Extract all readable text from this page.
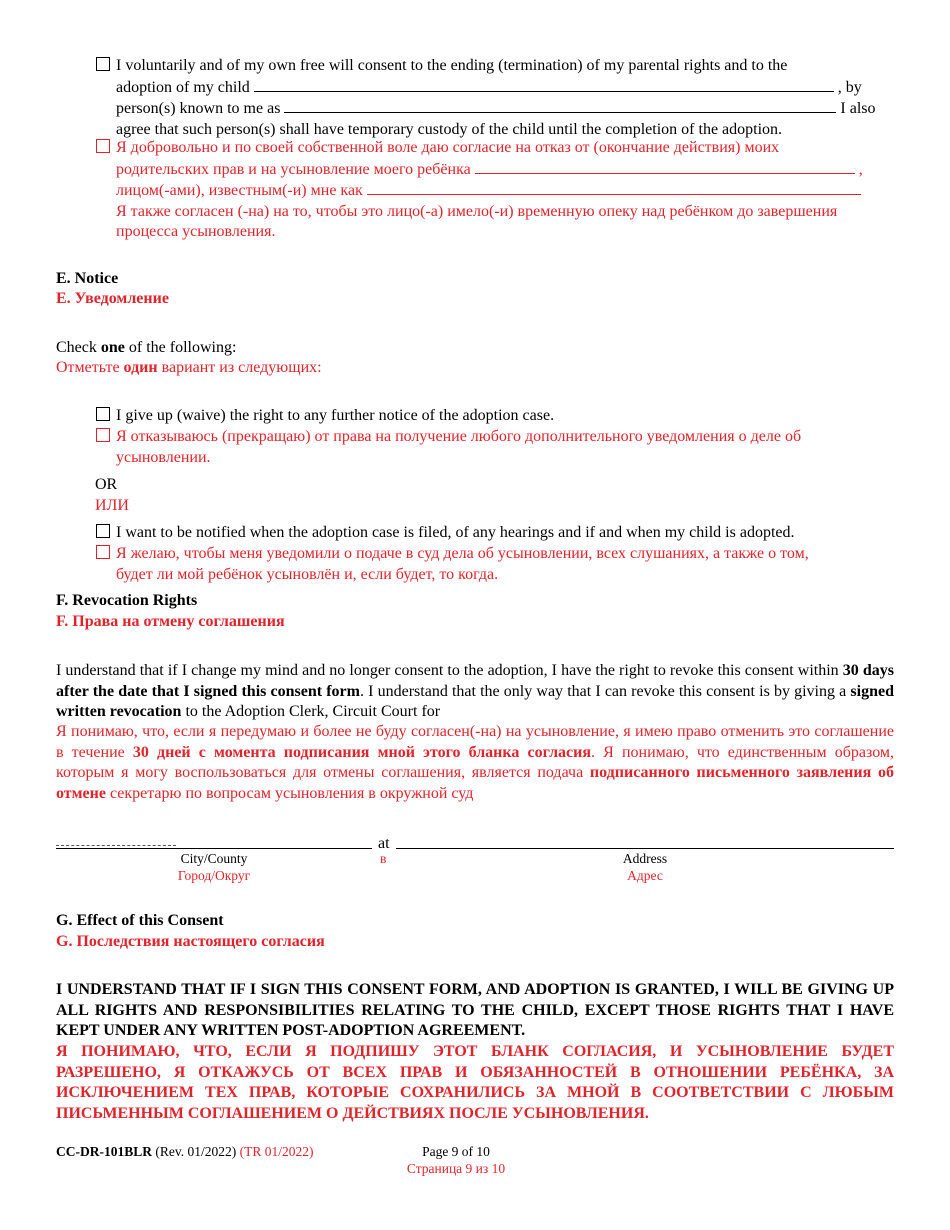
I voluntarily and of my own free will consent to the ending (termination) of my parental rights and to the
adoption of my child	, by
person(s) known to me as	I also
agree that such person(s) shall have temporary custody of the child until the completion of the adoption.
Я добровольно и по своей собственной воле даю согласие на отказ от (окончание действия) моих
родительских прав и на усыновление моего ребёнка	,
лицом(-ами), известным(-и) мне как
Я также согласен (-на) на то, чтобы это лицо(-а) имело(-и) временную опеку над ребёнком до завершения
процесса усыновления.
E. Notice
E. Уведомление
Check one of the following:
Отметьте один вариант из следующих:
I give up (waive) the right to any further notice of the adoption case.
Я отказываюсь (прекращаю) от права на получение любого дополнительного уведомления о деле об
усыновлении.
OR
ИЛИ
I want to be notified when the adoption case is filed, of any hearings and if and when my child is adopted.
Я желаю, чтобы меня уведомили о подаче в суд дела об усыновлении, всех слушаниях, а также о том,
будет ли мой ребёнок усыновлён и, если будет, то когда.
F. Revocation Rights
F. Права на отмену соглашения
I understand that if I change my mind and no longer consent to the adoption, I have the right to revoke this consent within 30 days after the date that I signed this consent form. I understand that the only way that I can revoke this consent is by giving a signed written revocation to the Adoption Clerk, Circuit Court for
Я понимаю, что, если я передумаю и более не буду согласен(-на) на усыновление, я имею право отменить это соглашение в течение 30 дней с момента подписания мной этого бланка согласия. Я понимаю, что единственным образом, которым я могу воспользоваться для отмены соглашения, является подача подписанного письменного заявления об отмене секретарю по вопросам усыновления в окружной суд
at
City/County
Город/Округ
в	Address
Адрес
G. Effect of this Consent
G. Последствия настоящего согласия
I UNDERSTAND THAT IF I SIGN THIS CONSENT FORM, AND ADOPTION IS GRANTED, I WILL BE GIVING UP ALL RIGHTS AND RESPONSIBILITIES RELATING TO THE CHILD, EXCEPT THOSE RIGHTS THAT I HAVE KEPT UNDER ANY WRITTEN POST-ADOPTION AGREEMENT.
Я ПОНИМАЮ, ЧТО, ЕСЛИ Я ПОДПИШУ ЭТОТ БЛАНК СОГЛАСИЯ, И УСЫНОВЛЕНИЕ БУДЕТ РАЗРЕШЕНО, Я ОТКАЖУСЬ ОТ ВСЕХ ПРАВ И ОБЯЗАННОСТЕЙ В ОТНОШЕНИИ РЕБЁНКА, ЗА ИСКЛЮЧЕНИЕМ ТЕХ ПРАВ, КОТОРЫЕ СОХРАНИЛИСЬ ЗА МНОЙ В СООТВЕТСТВИИ С ЛЮБЫМ ПИСЬМЕННЫМ СОГЛАШЕНИЕМ О ДЕЙСТВИЯХ ПОСЛЕ УСЫНОВЛЕНИЯ.
CC-DR-101BLR (Rev. 01/2022) (TR 01/2022)	Page 9 of 10
Страница 9 из 10
